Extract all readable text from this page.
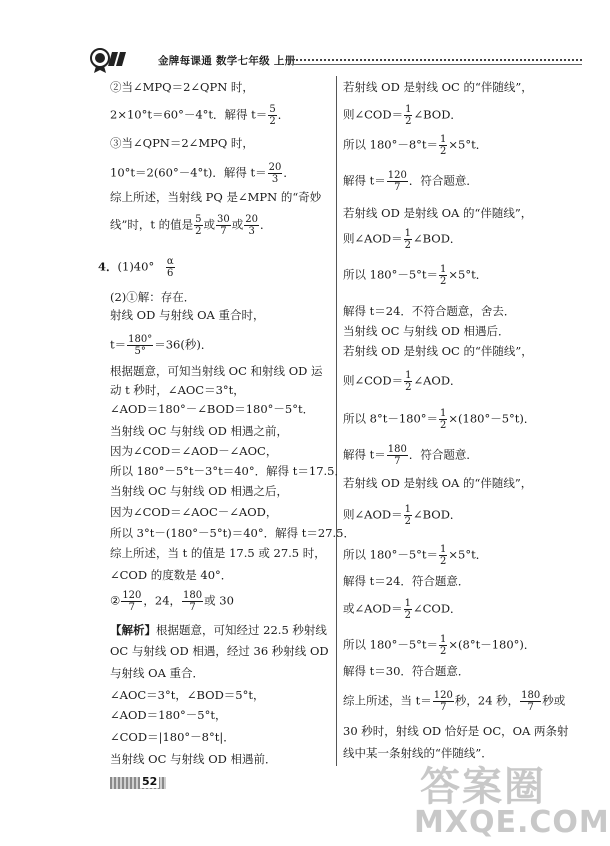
金牌每课通 数学七年级 上册
②当∠MPQ＝2∠QPN 时，
2×10°t＝60°－4°t．解得 $t= \frac{5}{2}$ ．
③当∠QPN＝2∠MPQ 时，
10°t＝2(60°－4°t)．解得 $t= \frac{20}{3}$ ．
综上所述，当射线 PQ 是∠MPN 的“奇妙
线”时，t 的值是 $\frac{5}{2}$ 或 $\frac{30}{7}$ 或 $\frac{20}{3}$ ．
4．$(1)40^\circ \frac{\alpha}{6}$
(2)①解：存在．
射线 OD 与射线 OA 重合时，
$t= \frac{180^\circ}{5^\circ} =36$(秒)．
根据题意，可知当射线 OC 和射线 OD 运
动 t 秒时，∠AOC＝3°t，
∠AOD＝180°－∠BOD＝180°－5°t．
当射线 OC 与射线 OD 相遇之前，
因为∠COD＝∠AOD－∠AOC，
所以 180°－5°t－3°t＝40°．解得 t＝17.5．
当射线 OC 与射线 OD 相遇之后，
因为∠COD＝∠AOC－∠AOD，
所以 3°t－(180°－5°t)＝40°．解得 t＝27.5．
综上所述，当 t 的值是 17.5 或 27.5 时，
∠COD 的度数是 40°．
② $\frac{120}{7}$ ，24， $\frac{180}{7}$ 或 30
【解析】根据题意，可知经过 22.5 秒射线
OC 与射线 OD 相遇，经过 36 秒射线 OD
与射线 OA 重合．
∠AOC＝3°t，∠BOD＝5°t，
∠AOD＝180°－5°t，
∠COD＝|180°－8°t|．
当射线 OC 与射线 OD 相遇前．
若射线 OD 是射线 OC 的“伴随线”，
则∠COD＝ $\frac{1}{2}$ ∠BOD．
所以 $180^\circ-8^\circ t= \frac{1}{2} \times 5^\circ t$．
解得 $t= \frac{120}{7}$ ．符合题意．
若射线 OD 是射线 OA 的“伴随线”，
则∠AOD＝ $\frac{1}{2}$ ∠BOD．
所以 $180^\circ-5^\circ t= \frac{1}{2} \times 5^\circ t$．
解得 t＝24．不符合题意，舍去．
当射线 OC 与射线 OD 相遇后．
若射线 OD 是射线 OC 的“伴随线”，
则∠COD＝ $\frac{1}{2}$ ∠AOD．
所以 $8^\circ t-180^\circ= \frac{1}{2} \times(180^\circ-5^\circ t)$．
解得 $t= \frac{180}{7}$ ．符合题意．
若射线 OD 是射线 OA 的“伴随线”，
则∠AOD＝ $\frac{1}{2}$ ∠BOD．
所以 $180^\circ-5^\circ t= \frac{1}{2} \times 5^\circ t$．
解得 t＝24．符合题意．
或∠AOD＝ $\frac{1}{2}$ ∠COD．
所以 $180^\circ-5^\circ t= \frac{1}{2} \times(8^\circ t-180^\circ)$．
解得 t＝30．符合题意．
综上所述，当 $t= \frac{120}{7}$ 秒，24 秒， $\frac{180}{7}$ 秒或
30 秒时，射线 OD 恰好是 OC，OA 两条射
线中某一条射线的“伴随线”．
52	答案圈
MXQE.COM
